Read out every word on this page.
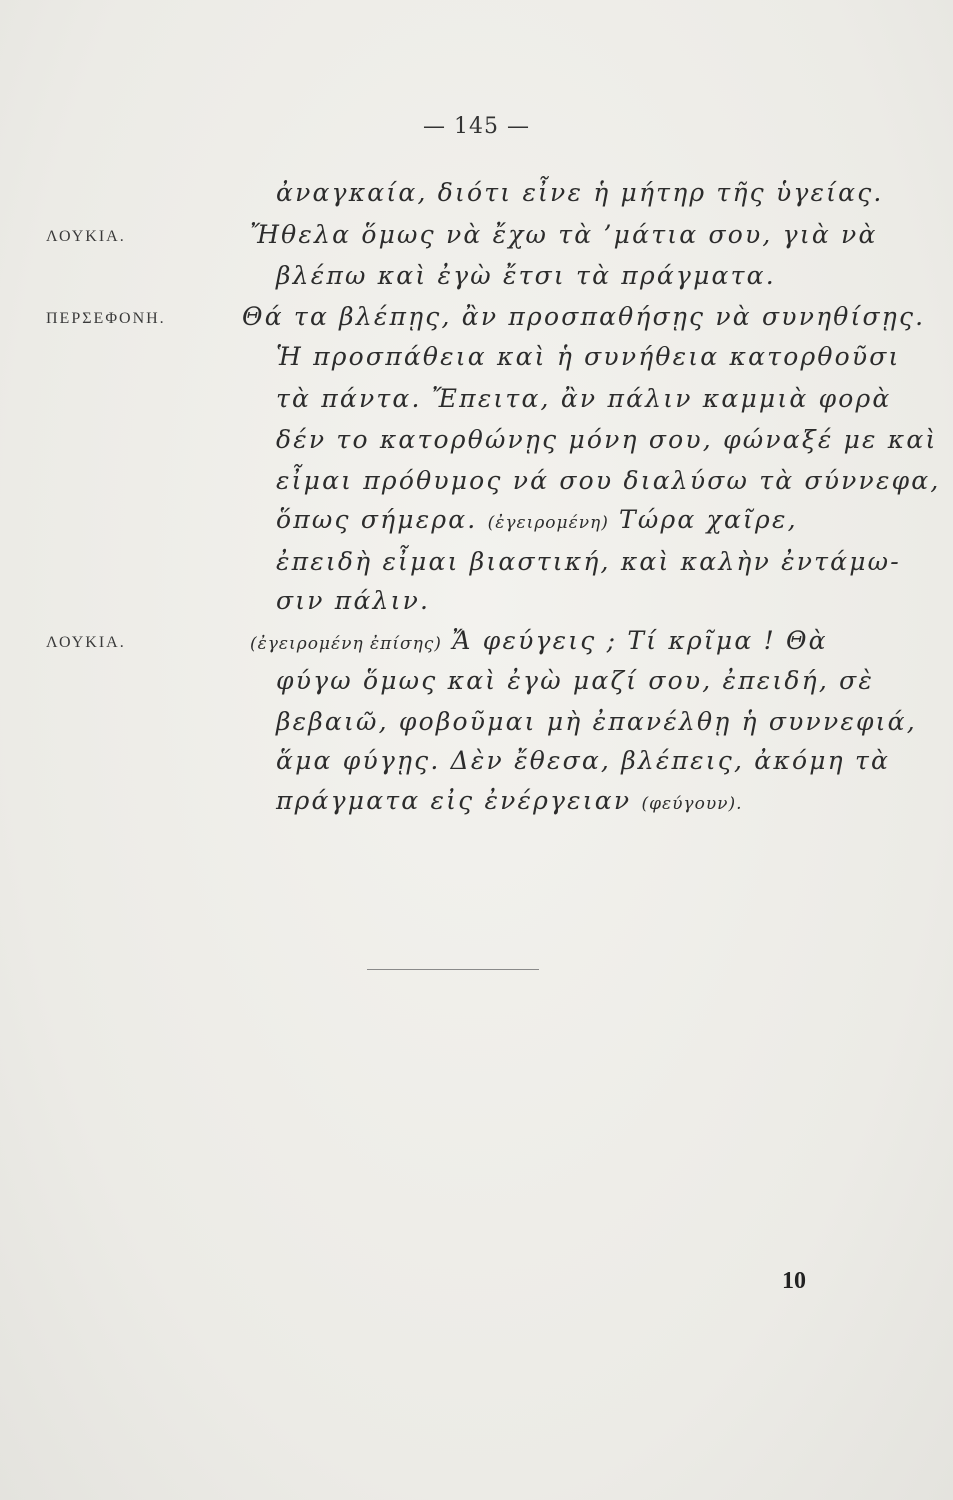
— 145 —
ἀναγκαία, διότι εἶνε ἡ μήτηρ τῆς ὑγείας.
ΛΟΥΚΙΑ.	Ἤθελα ὅμως νὰ ἔχω τὰ ’μάτια σου, γιὰ νὰ
βλέπω καὶ ἐγὼ ἔτσι τὰ πράγματα.
ΠΕΡΣΕΦΟΝΗ.	Θά τα βλέπῃς, ἂν προσπαθήσῃς νὰ συνηθίσῃς.
Ἡ προσπάθεια καὶ ἡ συνήθεια κατορθοῦσι
τὰ πάντα. Ἔπειτα, ἂν πάλιν καμμιὰ φορὰ
δέν το κατορθώνῃς μόνη σου, φώναξέ με καὶ
εἶμαι πρόθυμος νά σου διαλύσω τὰ σύννεφα,
ὅπως σήμερα. (ἐγειρομένη) Τώρα χαῖρε,
ἐπειδὴ εἶμαι βιαστική, καὶ καλὴν ἐντάμω-
σιν πάλιν.
ΛΟΥΚΙΑ.	(ἐγειρομένη ἐπίσης) Ἄ φεύγεις ; Τί κρῖμα ! Θὰ
φύγω ὅμως καὶ ἐγὼ μαζί σου, ἐπειδή, σὲ
βεβαιῶ, φοβοῦμαι μὴ ἐπανέλθῃ ἡ συννεφιά,
ἅμα φύγῃς. Δὲν ἔθεσα, βλέπεις, ἀκόμη τὰ
πράγματα εἰς ἐνέργειαν (φεύγουν).
10
